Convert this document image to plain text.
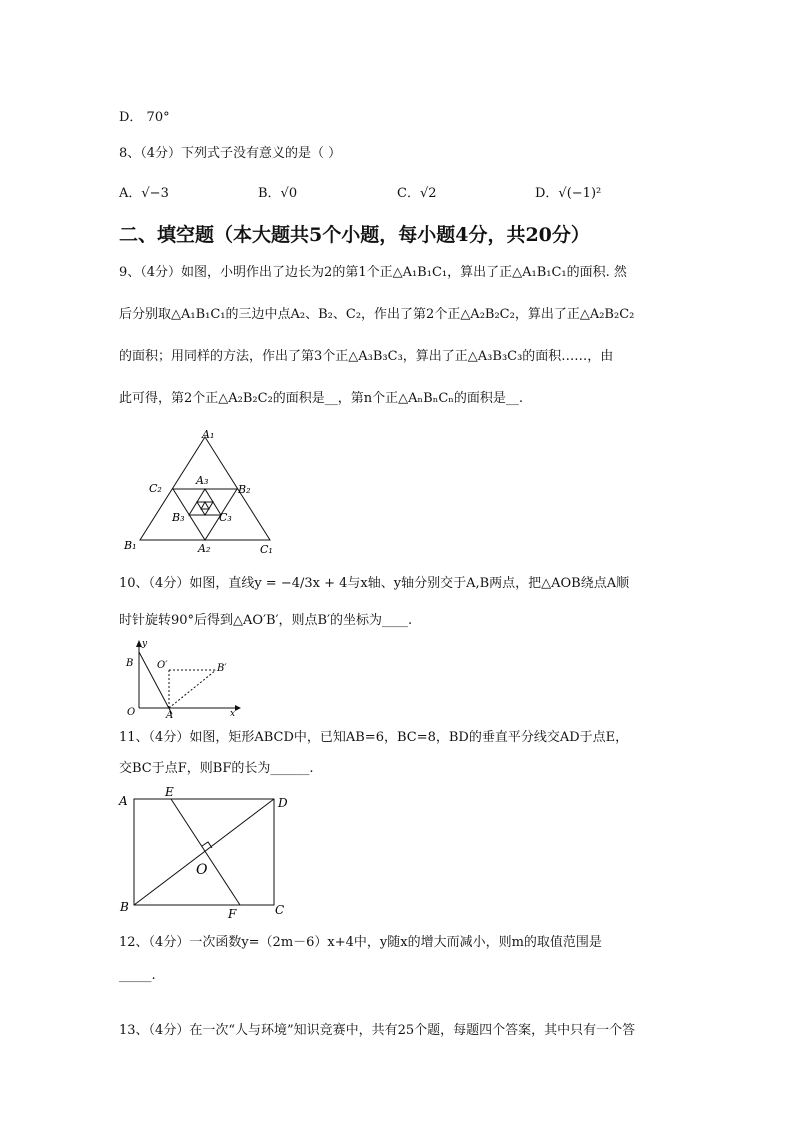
D． 70°
8、（4分）下列式子没有意义的是（ ）
A．√−3	B．√0	C．√2	D．√(−1)²
二、填空题（本大题共5个小题，每小题4分，共20分）
9、（4分）如图，小明作出了边长为2的第1个正△A₁B₁C₁，算出了正△A₁B₁C₁的面积. 然
后分别取△A₁B₁C₁的三边中点A₂、B₂、C₂，作出了第2个正△A₂B₂C₂，算出了正△A₂B₂C₂
的面积；用同样的方法，作出了第3个正△A₃B₃C₃，算出了正△A₃B₃C₃的面积……，由
此可得，第2个正△A₂B₂C₂的面积是__，第n个正△AₙBₙCₙ的面积是__.
A₁
C₂	B₂
A₃
B₃	C₃
B₁	A₂	C₁
10、（4分）如图，直线y = −4/3x + 4与x轴、y轴分别交于A,B两点，把△AOB绕点A顺
时针旋转90°后得到△AO′B′，则点B′的坐标为____.
y
B O′	B′
O	A	x
11、（4分）如图，矩形ABCD中，已知AB=6，BC=8，BD的垂直平分线交AD于点E，
交BC于点F，则BF的长为______.
A
E
D
O
B	F	C
12、（4分）一次函数y=（2m－6）x+4中，y随x的增大而减小，则m的取值范围是
_____.
13、（4分）在一次“人与环境”知识竞赛中，共有25个题，每题四个答案，其中只有一个答
